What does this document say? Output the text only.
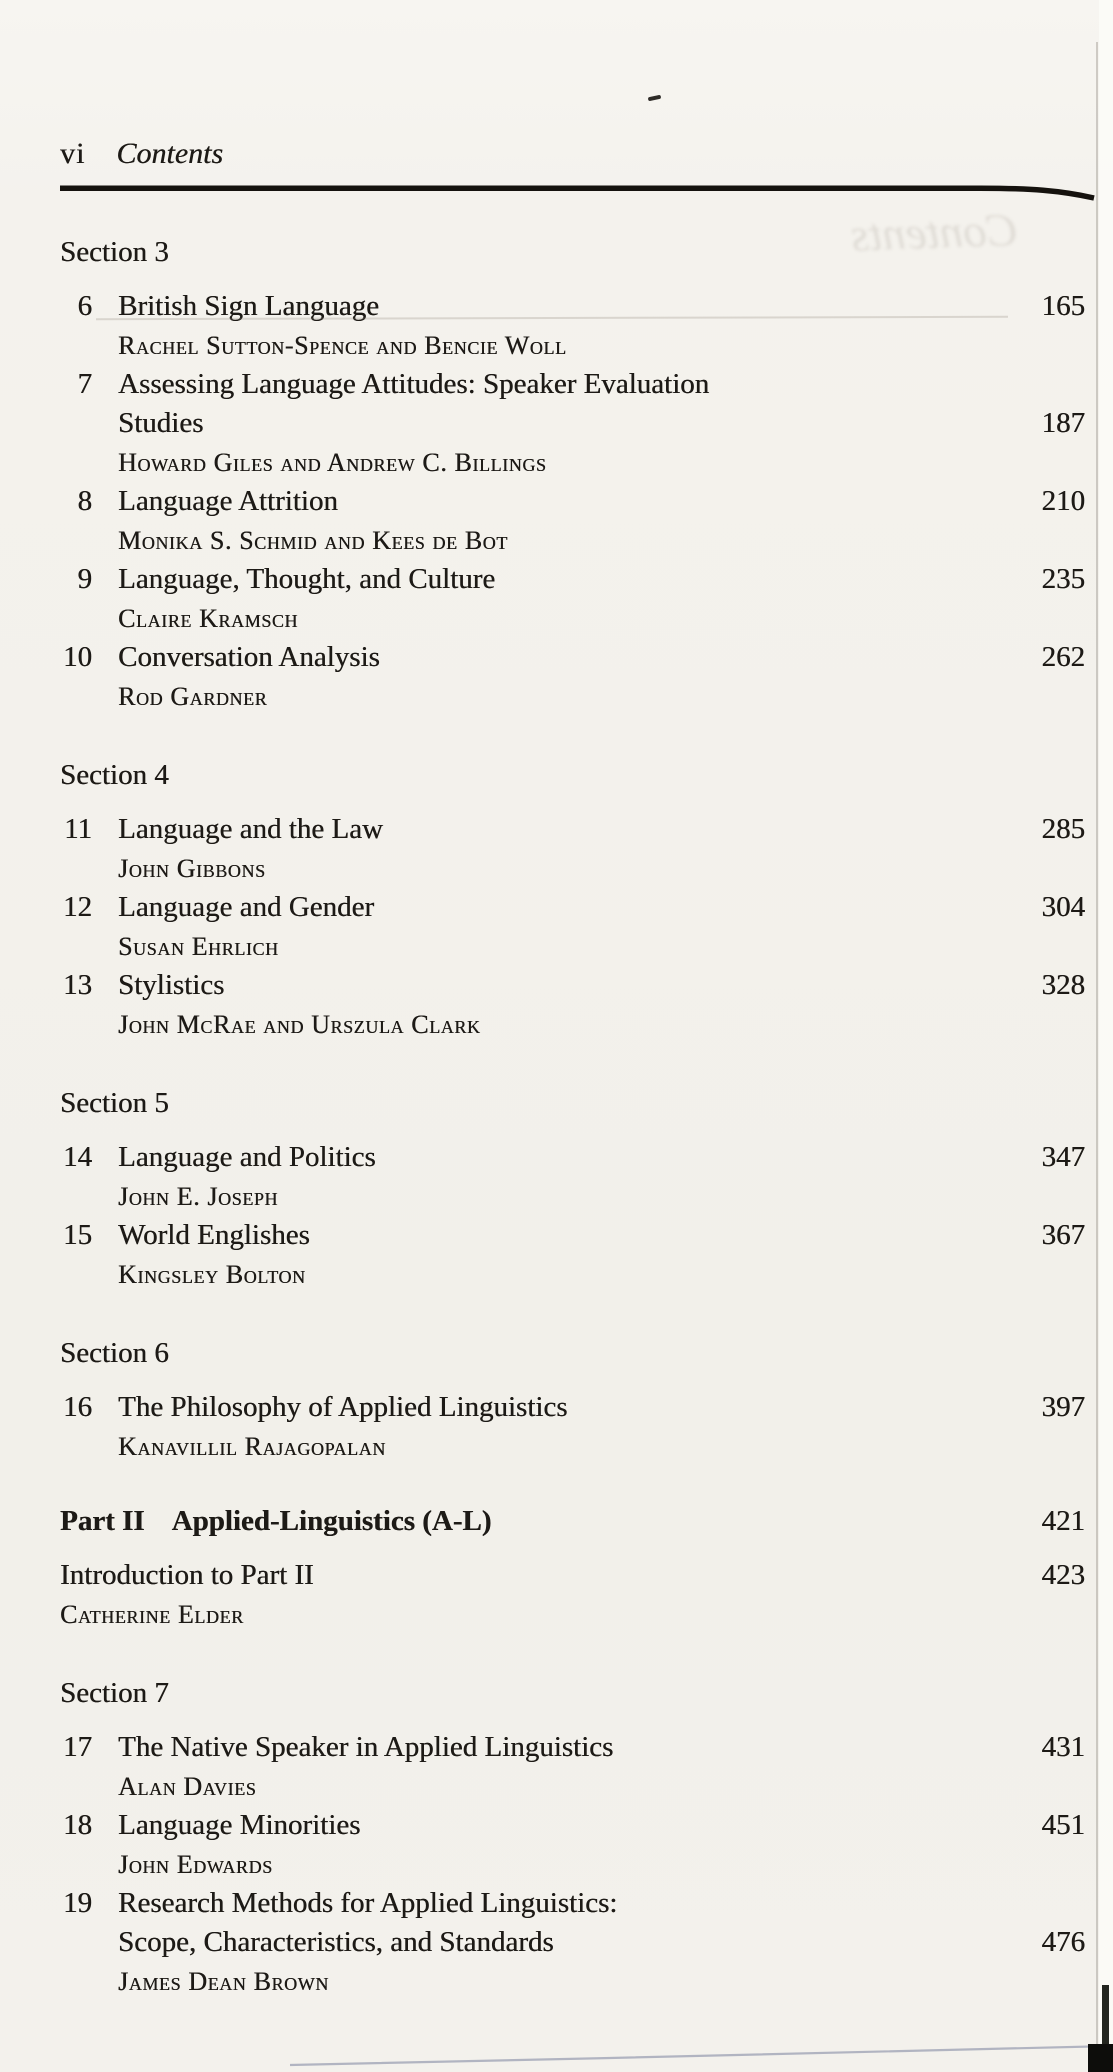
vi Contents
Section 3
6 British Sign Language	165
Rachel Sutton-Spence and Bencie Woll
7 Assessing Language Attitudes: Speaker Evaluation
Studies	187
Howard Giles and Andrew C. Billings
8 Language Attrition	210
Monika S. Schmid and Kees de Bot
9 Language, Thought, and Culture	235
Claire Kramsch
10 Conversation Analysis	262
Rod Gardner
Section 4
11 Language and the Law	285
John Gibbons
12 Language and Gender	304
Susan Ehrlich
13 Stylistics	328
John McRae and Urszula Clark
Section 5
14 Language and Politics	347
John E. Joseph
15 World Englishes	367
Kingsley Bolton
Section 6
16 The Philosophy of Applied Linguistics	397
Kanavillil Rajagopalan
Part II Applied-Linguistics (A-L)	421
Introduction to Part II	423
Catherine Elder
Section 7
17 The Native Speaker in Applied Linguistics	431
Alan Davies
18 Language Minorities	451
John Edwards
19 Research Methods for Applied Linguistics:
Scope, Characteristics, and Standards	476
James Dean Brown
Contents
